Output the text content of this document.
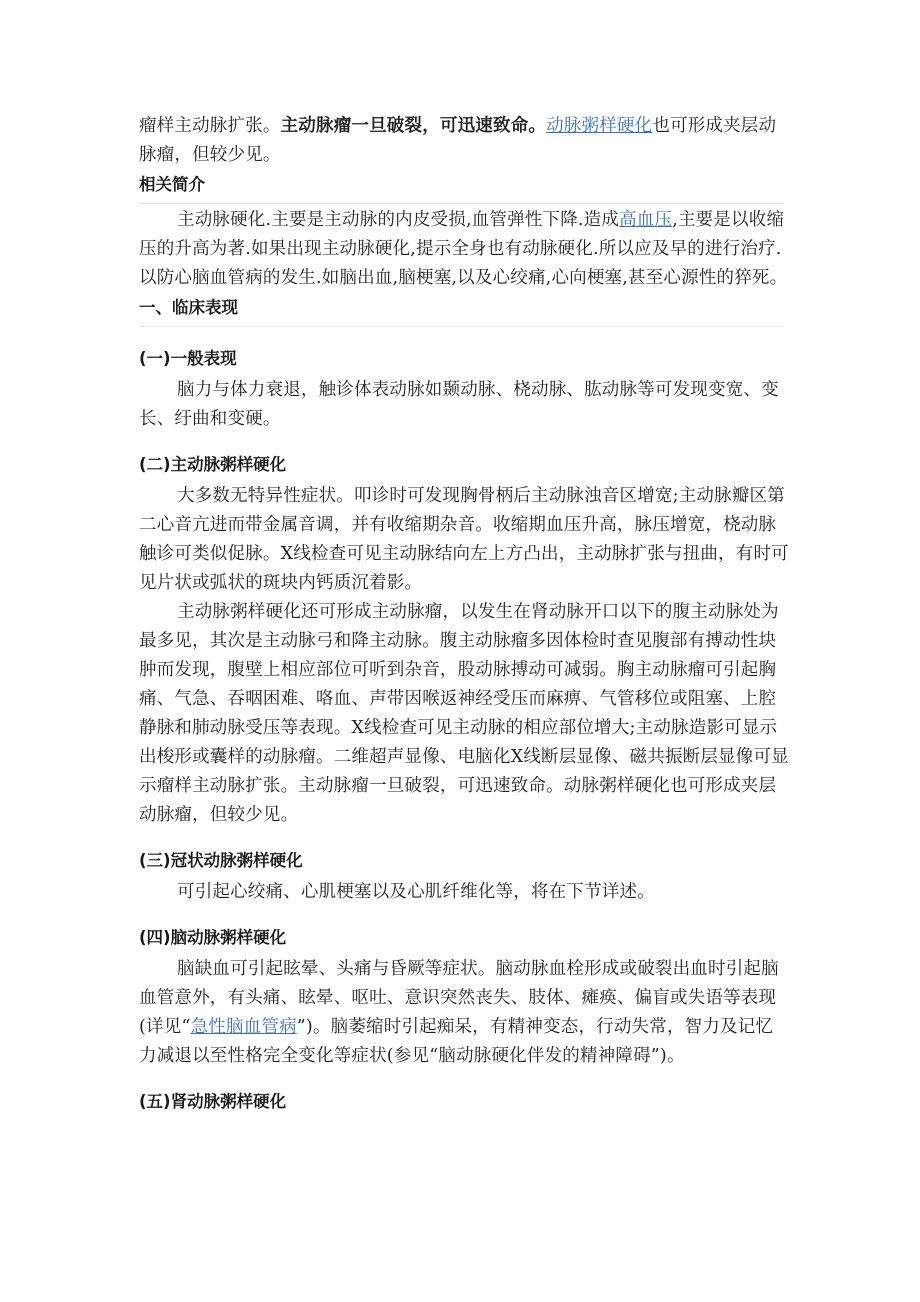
瘤样主动脉扩张。主动脉瘤一旦破裂，可迅速致命。动脉粥样硬化也可形成夹层动脉瘤，但较少见。

相关简介

主动脉硬化.主要是主动脉的内皮受损,血管弹性下降.造成高血压,主要是以收缩压的升高为著.如果出现主动脉硬化,提示全身也有动脉硬化.所以应及早的进行治疗.以防心脑血管病的发生.如脑出血,脑梗塞,以及心绞痛,心向梗塞,甚至心源性的猝死。

一、临床表现
(一)一般表现

脑力与体力衰退，触诊体表动脉如颞动脉、桡动脉、肱动脉等可发现变宽、变长、纡曲和变硬。

(二)主动脉粥样硬化

大多数无特异性症状。叩诊时可发现胸骨柄后主动脉浊音区增宽;主动脉瓣区第二心音亢进而带金属音调，并有收缩期杂音。收缩期血压升高，脉压增宽，桡动脉触诊可类似促脉。X线检查可见主动脉结向左上方凸出，主动脉扩张与扭曲，有时可见片状或弧状的斑块内钙质沉着影。

主动脉粥样硬化还可形成主动脉瘤，以发生在肾动脉开口以下的腹主动脉处为最多见，其次是主动脉弓和降主动脉。腹主动脉瘤多因体检时查见腹部有搏动性块肿而发现，腹壁上相应部位可听到杂音，股动脉搏动可减弱。胸主动脉瘤可引起胸痛、气急、吞咽困难、咯血、声带因喉返神经受压而麻痹、气管移位或阻塞、上腔静脉和肺动脉受压等表现。X线检查可见主动脉的相应部位增大;主动脉造影可显示出梭形或囊样的动脉瘤。二维超声显像、电脑化X线断层显像、磁共振断层显像可显示瘤样主动脉扩张。主动脉瘤一旦破裂，可迅速致命。动脉粥样硬化也可形成夹层动脉瘤，但较少见。

(三)冠状动脉粥样硬化

可引起心绞痛、心肌梗塞以及心肌纤维化等，将在下节详述。

(四)脑动脉粥样硬化

脑缺血可引起眩晕、头痛与昏厥等症状。脑动脉血栓形成或破裂出血时引起脑血管意外，有头痛、眩晕、呕吐、意识突然丧失、肢体、瘫痪、偏盲或失语等表现(详见“急性脑血管病”)。脑萎缩时引起痴呆，有精神变态，行动失常，智力及记忆力减退以至性格完全变化等症状(参见“脑动脉硬化伴发的精神障碍”)。

(五)肾动脉粥样硬化
